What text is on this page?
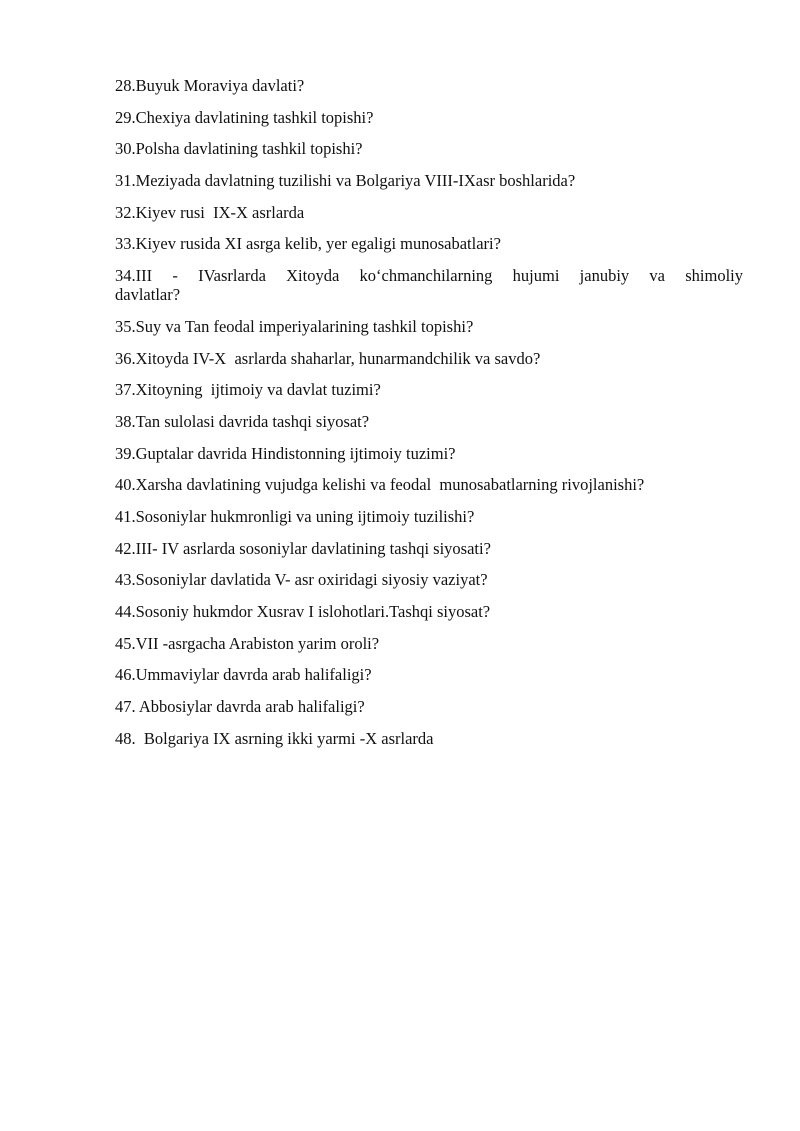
28.Buyuk Moraviya davlati?
29.Chexiya davlatining tashkil topishi?
30.Polsha davlatining tashkil topishi?
31.Meziyada davlatning tuzilishi va Bolgariya VIII-IXasr boshlarida?
32.Kiyev rusi  IX-X asrlarda
33.Kiyev rusida XI asrga kelib, yer egaligi munosabatlari?
34.III - IVasrlarda Xitoyda ko‘chmanchilarning hujumi janubiy va shimoliy
davlatlar?
35.Suy va Tan feodal imperiyalarining tashkil topishi?
36.Xitoyda IV-X  asrlarda shaharlar, hunarmandchilik va savdo?
37.Xitoyning  ijtimoiy va davlat tuzimi?
38.Tan sulolasi davrida tashqi siyosat?
39.Guptalar davrida Hindistonning ijtimoiy tuzimi?
40.Xarsha davlatining vujudga kelishi va feodal  munosabatlarning rivojlanishi?
41.Sosoniylar hukmronligi va uning ijtimoiy tuzilishi?
42.III- IV asrlarda sosoniylar davlatining tashqi siyosati?
43.Sosoniylar davlatida V- asr oxiridagi siyosiy vaziyat?
44.Sosoniy hukmdor Xusrav I islohotlari.Tashqi siyosat?
45.VII -asrgacha Arabiston yarim oroli?
46.Ummaviylar davrda arab halifaligi?
47. Abbosiylar davrda arab halifaligi?
48.  Bolgariya IX asrning ikki yarmi -X asrlarda
